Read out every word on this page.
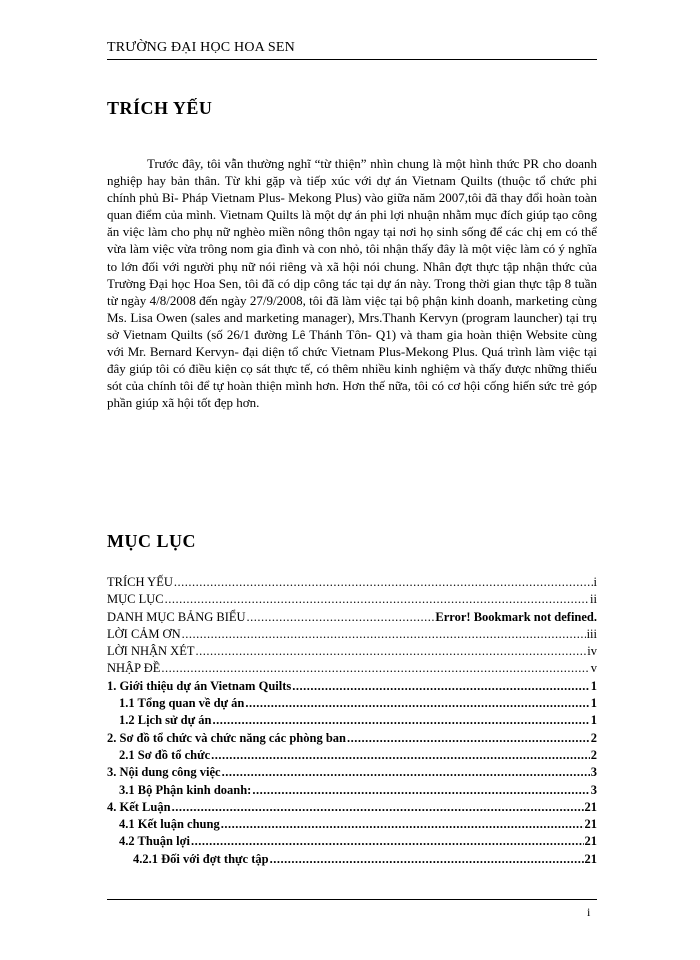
TRƯỜNG ĐẠI HỌC HOA SEN
TRÍCH YẾU

Trước đây, tôi vẫn thường nghĩ “từ thiện” nhìn chung là một hình thức PR cho doanh nghiệp hay bản thân. Từ khi gặp và tiếp xúc với dự án Vietnam Quilts (thuộc tổ chức phi chính phủ Bỉ- Pháp Vietnam Plus- Mekong Plus) vào giữa năm 2007,tôi đã thay đổi hoàn toàn quan điểm của mình. Vietnam Quilts là một dự án phi lợi nhuận nhằm mục đích giúp tạo công ăn việc làm cho phụ nữ nghèo miền nông thôn ngay tại nơi họ sinh sống để các chị em có thể vừa làm việc vừa trông nom gia đình và con nhỏ, tôi nhận thấy đây là một việc làm có ý nghĩa to lớn đối với người phụ nữ nói riêng và xã hội nói chung. Nhân đợt thực tập nhận thức của Trường Đại học Hoa Sen, tôi đã có dịp công tác tại dự án này. Trong thời gian thực tập 8 tuần từ ngày 4/8/2008 đến ngày 27/9/2008, tôi đã làm việc tại bộ phận kinh doanh, marketing cùng Ms. Lisa Owen (sales and marketing manager), Mrs.Thanh Kervyn (program launcher) tại trụ sở Vietnam Quilts (số 26/1 đường Lê Thánh Tôn- Q1) và tham gia hoàn thiện Website cùng với Mr. Bernard Kervyn- đại diện tổ chức Vietnam Plus-Mekong Plus. Quá trình làm việc tại đây giúp tôi có điều kiện cọ sát thực tế, có thêm nhiều kinh nghiệm và thấy được những thiếu sót của chính tôi để tự hoàn thiện mình hơn. Hơn thế nữa, tôi có cơ hội cống hiến sức trẻ góp phần giúp xã hội tốt đẹp hơn.

MỤC LỤC
TRÍCH YẾU .....	i
MỤC LỤC .....	ii
DANH MỤC BẢNG BIỂU .....	Error! Bookmark not defined.
LỜI CẢM ƠN .....	iii
LỜI NHẬN XÉT .....	iv
NHẬP ĐỀ .....	v
1. Giới thiệu dự án Vietnam Quilts .....	1
1.1 Tổng quan về dự án .....	1
1.2 Lịch sử dự án .....	1
2. Sơ đồ tổ chức và chức năng các phòng ban .....	2
2.1 Sơ đồ tổ chức .....	2
3. Nội dung công việc .....	3
3.1 Bộ Phận kinh doanh: .....	3
4. Kết Luận .....	21
4.1 Kết luận chung .....	21
4.2 Thuận lợi .....	21
4.2.1 Đối với đợt thực tập .....	21
i
